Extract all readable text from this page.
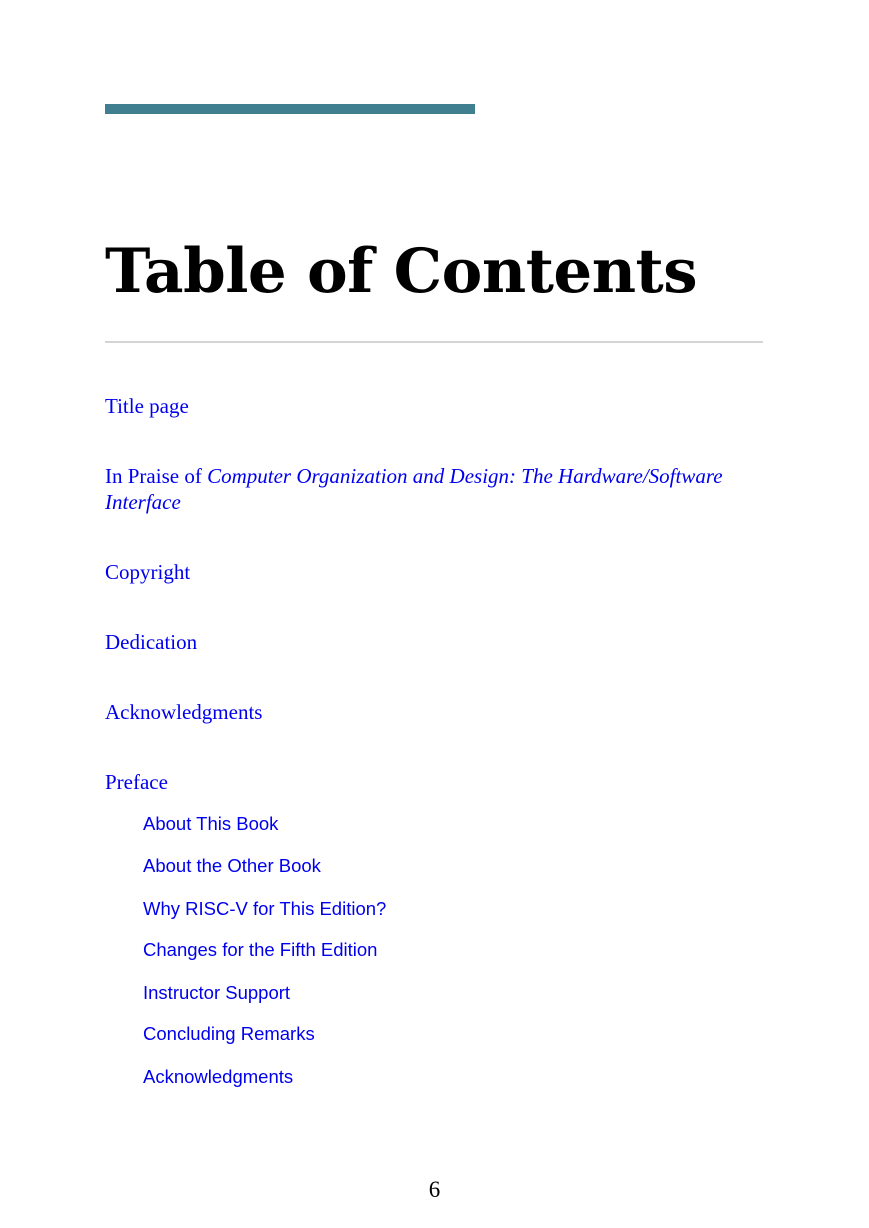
Table of Contents
Title page
In Praise of Computer Organization and Design: The Hardware/Software Interface
Copyright
Dedication
Acknowledgments
Preface
About This Book
About the Other Book
Why RISC-V for This Edition?
Changes for the Fifth Edition
Instructor Support
Concluding Remarks
Acknowledgments
6
